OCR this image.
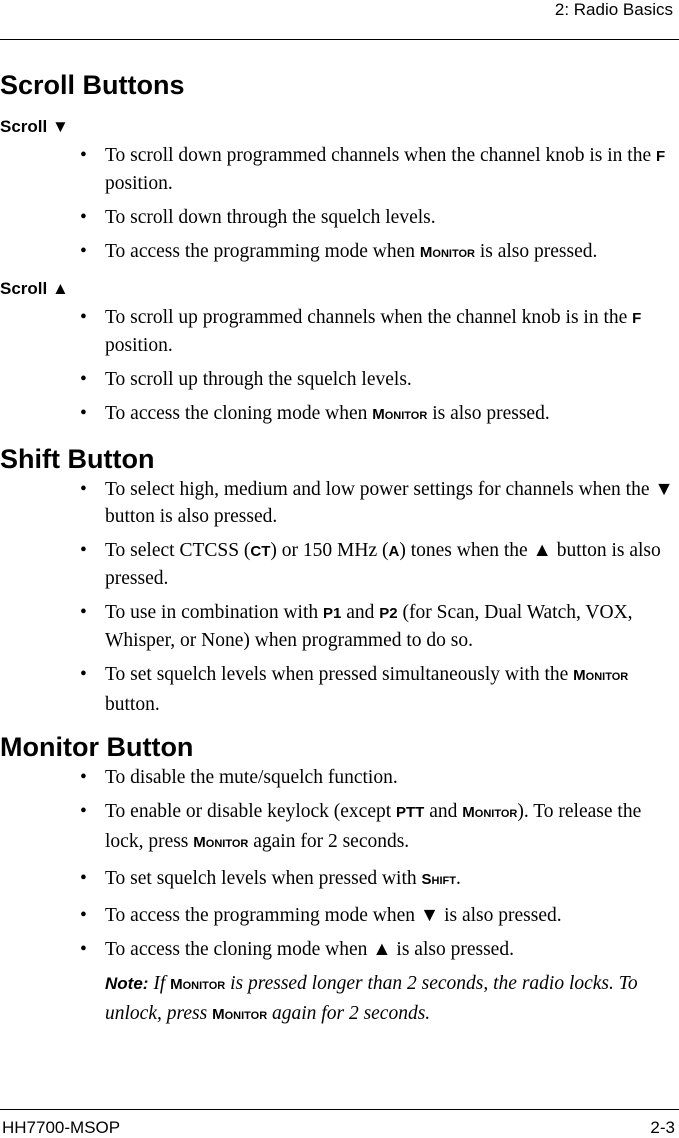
2: Radio Basics
Scroll Buttons
Scroll ▼
• To scroll down programmed channels when the channel knob is in the F position.
• To scroll down through the squelch levels.
• To access the programming mode when MONITOR is also pressed.
Scroll ▲
• To scroll up programmed channels when the channel knob is in the F position.
• To scroll up through the squelch levels.
• To access the cloning mode when MONITOR is also pressed.
Shift Button
• To select high, medium and low power settings for channels when the ▼ button is also pressed.
• To select CTCSS (CT) or 150 MHz (A) tones when the ▲ button is also pressed.
• To use in combination with P1 and P2 (for Scan, Dual Watch, VOX, Whisper, or None) when programmed to do so.
• To set squelch levels when pressed simultaneously with the MONITOR button.
Monitor Button
• To disable the mute/squelch function.
• To enable or disable keylock (except PTT and MONITOR). To release the lock, press MONITOR again for 2 seconds.
• To set squelch levels when pressed with SHIFT.
• To access the programming mode when ▼ is also pressed.
• To access the cloning mode when ▲ is also pressed.
Note: If MONITOR is pressed longer than 2 seconds, the radio locks. To unlock, press MONITOR again for 2 seconds.
HH7700-MSOP	2-3
